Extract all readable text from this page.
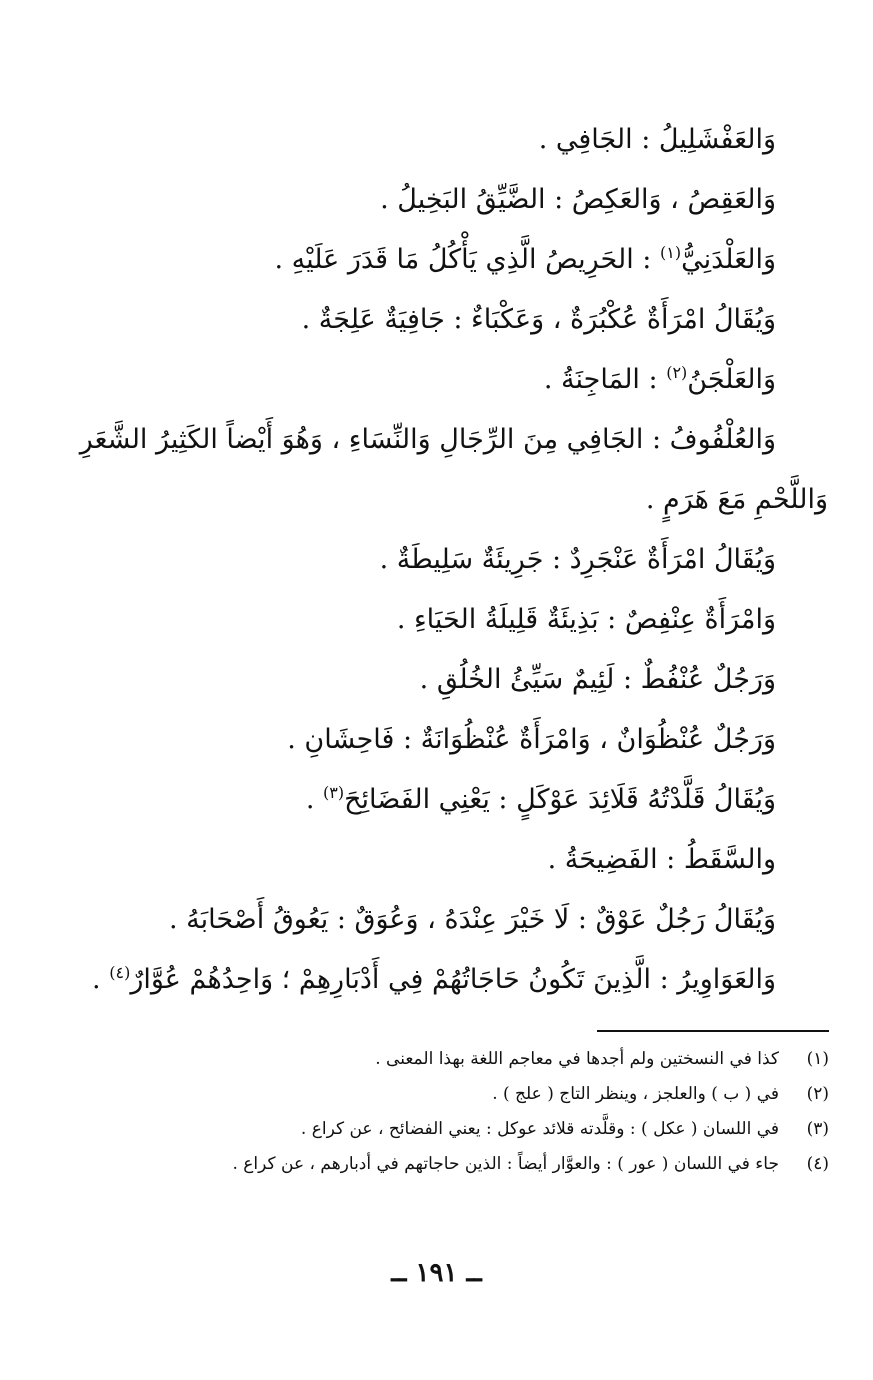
وَالعَفْشَلِيلُ : الجَافِي .
وَالعَقِصُ ، وَالعَكِصُ : الضَّيِّقُ البَخِيلُ .
وَالعَلْدَنِيُّ$^{(١)}$ : الحَرِيصُ الَّذِي يَأْكُلُ مَا قَدَرَ عَلَيْهِ .
وَيُقَالُ امْرَأَةٌ عُكْبُرَةٌ ، وَعَكْبَاءٌ : جَافِيَةٌ عَلِجَةٌ .
وَالعَلْجَنُ$^{(٢)}$ : المَاجِنَةُ .
وَالعُلْفُوفُ : الجَافِي مِنَ الرِّجَالِ وَالنِّسَاءِ ، وَهُوَ أَيْضاً الكَثِيرُ الشَّعَرِ
وَاللَّحْمِ مَعَ هَرَمٍ .
وَيُقَالُ امْرَأَةٌ عَنْجَرِدٌ : جَرِيئَةٌ سَلِيطَةٌ .
وَامْرَأَةٌ عِنْفِصٌ : بَذِيئَةٌ قَلِيلَةُ الحَيَاءِ .
وَرَجُلٌ عُنْفُطٌ : لَئِيمٌ سَيِّئُ الخُلُقِ .
وَرَجُلٌ عُنْظُوَانٌ ، وَامْرَأَةٌ عُنْظُوَانَةٌ : فَاحِشَانِ .
وَيُقَالُ قَلَّدْتُهُ قَلَائِدَ عَوْكَلٍ : يَعْنِي الفَضَائِحَ$^{(٣)}$ .
والسَّقَطُ : الفَضِيحَةُ .
وَيُقَالُ رَجُلٌ عَوْقٌ : لَا خَيْرَ عِنْدَهُ ، وَعُوَقٌ : يَعُوقُ أَصْحَابَهُ .
وَالعَوَاوِيرُ : الَّذِينَ تَكُونُ حَاجَاتُهُمْ فِي أَدْبَارِهِمْ ؛ وَاحِدُهُمْ عُوَّارٌ$^{(٤)}$ .
(١)
كذا في النسختين ولم أجدها في معاجم اللغة بهذا المعنى .
(٢)
في ( ب ) والعلجز ، وينظر التاج ( علج ) .
(٣)
في اللسان ( عكل ) : وقلَّدته قلائد عوكل : يعني الفضائح ، عن كراع .
(٤)
جاء في اللسان ( عور ) : والعوَّار أيضاً : الذين حاجاتهم في أدبارهم ، عن كراع .
ــ ١٩١ ــ
